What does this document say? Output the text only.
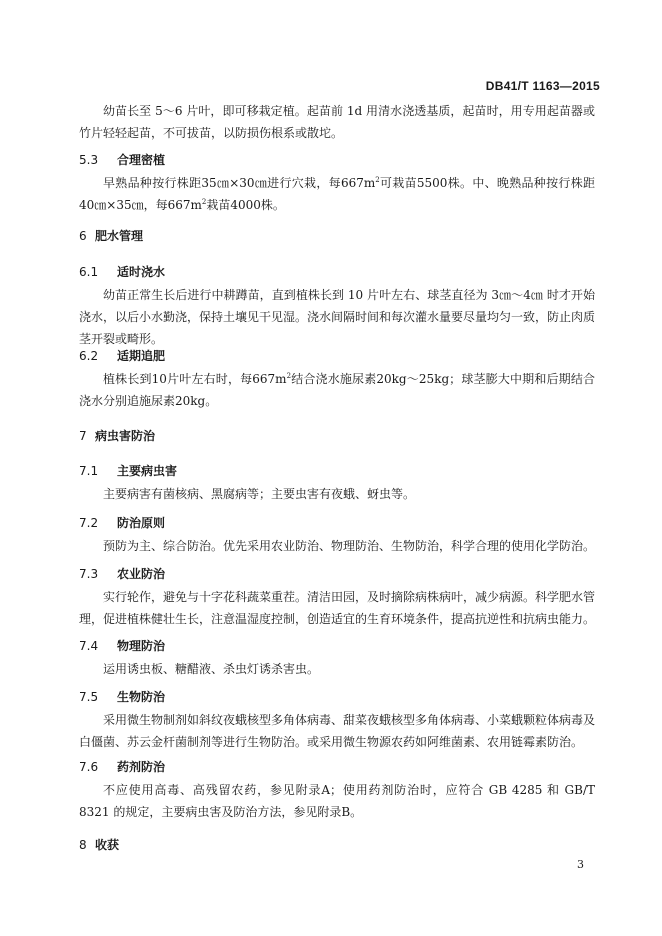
DB41/T 1163—2015
幼苗长至 5～6 片叶，即可移栽定植。起苗前 1d 用清水浇透基质，起苗时，用专用起苗器或竹片轻轻起苗，不可拔苗，以防损伤根系或散坨。
5.3 合理密植
早熟品种按行株距35㎝×30㎝进行穴栽，每$667m^2$可栽苗5500株。中、晚熟品种按行株距40㎝×35㎝，每$667m^2$栽苗4000株。
6 肥水管理
6.1 适时浇水
幼苗正常生长后进行中耕蹲苗，直到植株长到 10 片叶左右、球茎直径为 3㎝～4㎝ 时才开始浇水，以后小水勤浇，保持土壤见干见湿。浇水间隔时间和每次灌水量要尽量均匀一致，防止肉质茎开裂或畸形。
6.2 适期追肥
植株长到10片叶左右时，每$667m^2$结合浇水施尿素20kg～25kg；球茎膨大中期和后期结合浇水分别追施尿素20kg。
7 病虫害防治
7.1 主要病虫害
主要病害有菌核病、黑腐病等；主要虫害有夜蛾、蚜虫等。
7.2 防治原则
预防为主、综合防治。优先采用农业防治、物理防治、生物防治，科学合理的使用化学防治。
7.3 农业防治
实行轮作，避免与十字花科蔬菜重茬。清洁田园，及时摘除病株病叶，减少病源。科学肥水管理，促进植株健壮生长，注意温湿度控制，创造适宜的生育环境条件，提高抗逆性和抗病虫能力。
7.4 物理防治
运用诱虫板、糖醋液、杀虫灯诱杀害虫。
7.5 生物防治
采用微生物制剂如斜纹夜蛾核型多角体病毒、甜菜夜蛾核型多角体病毒、小菜蛾颗粒体病毒及白僵菌、苏云金杆菌制剂等进行生物防治。或采用微生物源农药如阿维菌素、农用链霉素防治。
7.6 药剂防治
不应使用高毒、高残留农药，参见附录A；使用药剂防治时，应符合 GB 4285 和 GB/T 8321 的规定，主要病虫害及防治方法，参见附录B。
8 收获
3
